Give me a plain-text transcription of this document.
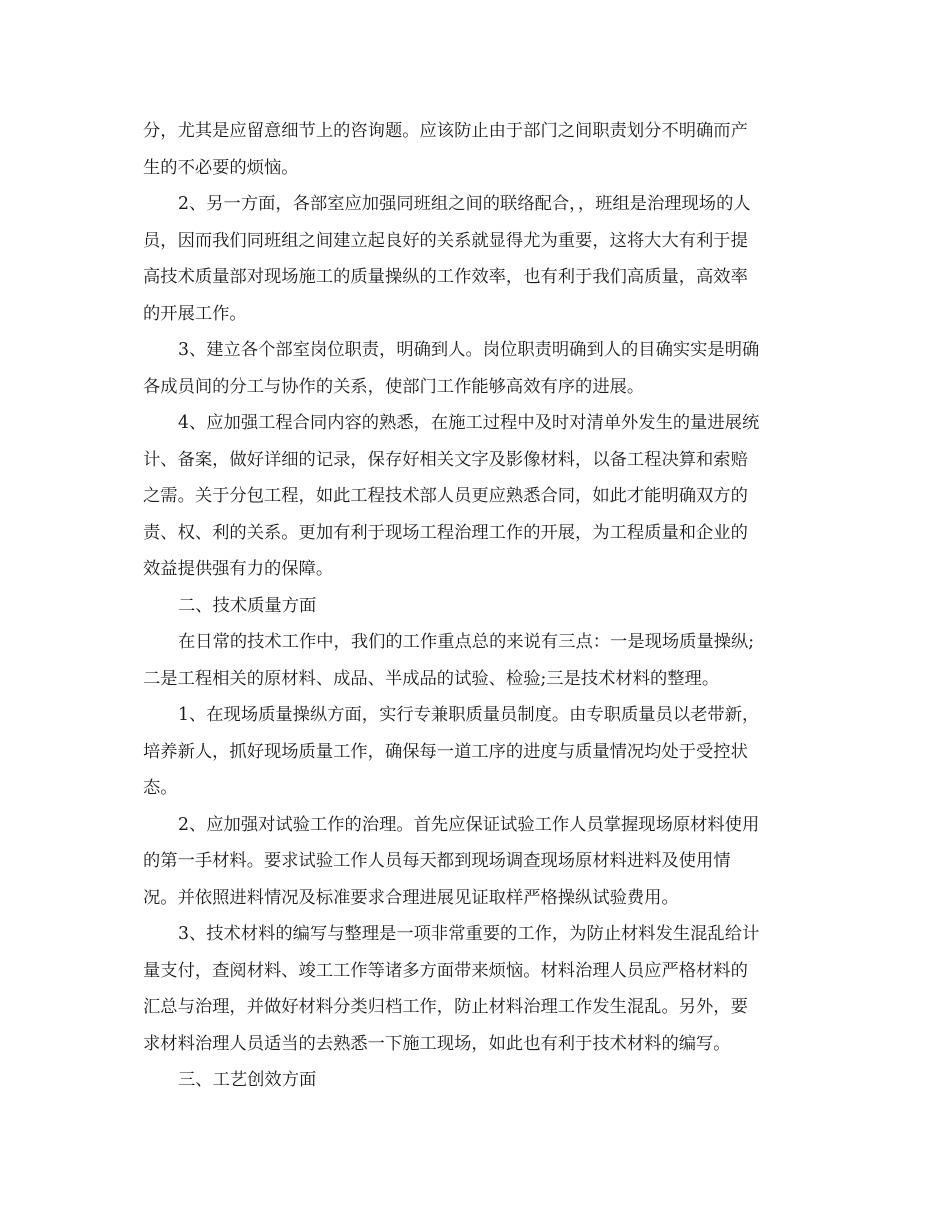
分，尤其是应留意细节上的咨询题。应该防止由于部门之间职责划分不明确而产
生的不必要的烦恼。
2、另一方面，各部室应加强同班组之间的联络配合，，班组是治理现场的人
员，因而我们同班组之间建立起良好的关系就显得尤为重要，这将大大有利于提
高技术质量部对现场施工的质量操纵的工作效率，也有利于我们高质量，高效率
的开展工作。
3、建立各个部室岗位职责，明确到人。岗位职责明确到人的目确实实是明确
各成员间的分工与协作的关系，使部门工作能够高效有序的进展。
4、应加强工程合同内容的熟悉，在施工过程中及时对清单外发生的量进展统
计、备案，做好详细的记录，保存好相关文字及影像材料，以备工程决算和索赔
之需。关于分包工程，如此工程技术部人员更应熟悉合同，如此才能明确双方的
责、权、利的关系。更加有利于现场工程治理工作的开展，为工程质量和企业的
效益提供强有力的保障。
二、技术质量方面
在日常的技术工作中，我们的工作重点总的来说有三点：一是现场质量操纵;
二是工程相关的原材料、成品、半成品的试验、检验;三是技术材料的整理。
1、在现场质量操纵方面，实行专兼职质量员制度。由专职质量员以老带新，
培养新人，抓好现场质量工作，确保每一道工序的进度与质量情况均处于受控状
态。
2、应加强对试验工作的治理。首先应保证试验工作人员掌握现场原材料使用
的第一手材料。要求试验工作人员每天都到现场调查现场原材料进料及使用情
况。并依照进料情况及标准要求合理进展见证取样严格操纵试验费用。
3、技术材料的编写与整理是一项非常重要的工作，为防止材料发生混乱给计
量支付，查阅材料、竣工工作等诸多方面带来烦恼。材料治理人员应严格材料的
汇总与治理，并做好材料分类归档工作，防止材料治理工作发生混乱。另外，要
求材料治理人员适当的去熟悉一下施工现场，如此也有利于技术材料的编写。
三、工艺创效方面
